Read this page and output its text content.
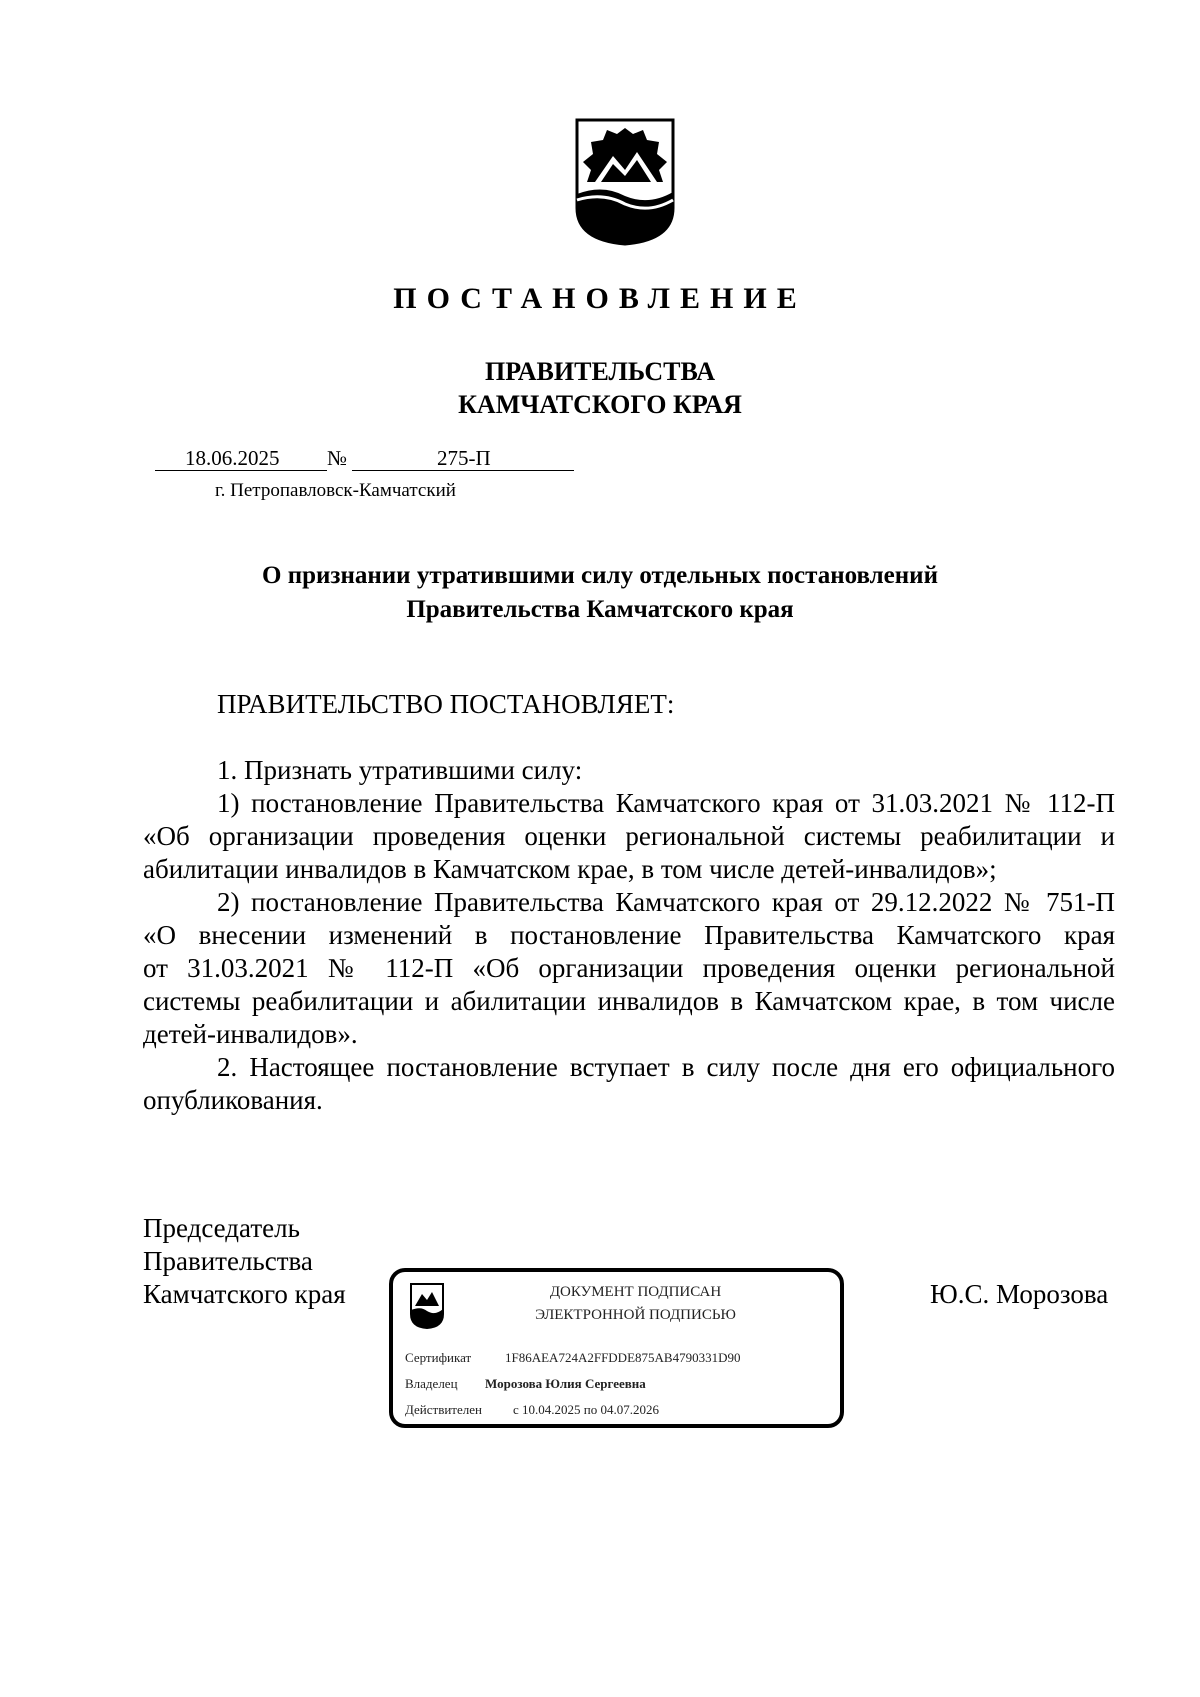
ПОСТАНОВЛЕНИЕ
ПРАВИТЕЛЬСТВА
КАМЧАТСКОГО КРАЯ
18.06.2025 №	275-П
г. Петропавловск-Камчатский
О признании утратившими силу отдельных постановлений
Правительства Камчатского края
ПРАВИТЕЛЬСТВО ПОСТАНОВЛЯЕТ:
1. Признать утратившими силу:
1) постановление Правительства Камчатского края от 31.03.2021 № 112-П
«Об организации проведения оценки региональной системы реабилитации и
абилитации инвалидов в Камчатском крае, в том числе детей-инвалидов»;
2) постановление Правительства Камчатского края от 29.12.2022 № 751-П
«О внесении изменений в постановление Правительства Камчатского края
от 31.03.2021 № 112-П «Об организации проведения оценки региональной
системы реабилитации и абилитации инвалидов в Камчатском крае, в том числе
детей-инвалидов».
2. Настоящее постановление вступает в силу после дня его официального
опубликования.
Председатель
Правительства
Камчатского края	Ю.С. Морозова
ДОКУМЕНТ ПОДПИСАН
ЭЛЕКТРОННОЙ ПОДПИСЬЮ
Сертификат	1F86AEA724A2FFDDE875AB4790331D90
Владелец Морозова Юлия Сергеевна
Действителен с 10.04.2025 по 04.07.2026
